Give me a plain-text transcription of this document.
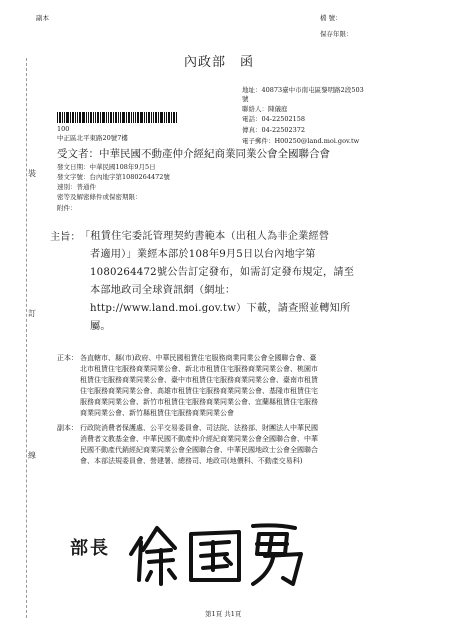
副本	檔 號：
保存年限：
裝
訂
線
內政部　函
地址：40873臺中市南屯區黎明路2段503
號
聯絡人：陳儀庭
電話：04-22502158
傳真：04-22502372
電子郵件：H00250@land.moi.gov.tw
100
中正區北平東路20號7樓
受文者：中華民國不動產仲介經紀商業同業公會全國聯合會
發文日期：中華民國108年9月5日
發文字號：台內地字第1080264472號
速別：普通件
密等及解密條件或保密期限：
附件：
主旨： 「租賃住宅委託管理契約書範本（出租人為非企業經營
者適用）」業經本部於108年9月5日以台內地字第
1080264472號公告訂定發布，如需訂定發布規定，請至
本部地政司全球資訊網（網址：
http://www.land.moi.gov.tw）下載，請查照並轉知所
屬。
正本： 各直轄市、縣(市)政府、中華民國租賃住宅服務商業同業公會全國聯合會、臺
北市租賃住宅服務商業同業公會、新北市租賃住宅服務商業同業公會、桃園市
租賃住宅服務商業同業公會、臺中市租賃住宅服務商業同業公會、臺南市租賃
住宅服務商業同業公會、高雄市租賃住宅服務商業同業公會、基隆市租賃住宅
服務商業同業公會、新竹市租賃住宅服務商業同業公會、宜蘭縣租賃住宅服務
商業同業公會、新竹縣租賃住宅服務商業同業公會
副本： 行政院消費者保護處、公平交易委員會、司法院、法務部、財團法人中華民國
消費者文教基金會、中華民國不動產仲介經紀商業同業公會全國聯合會、中華
民國不動產代銷經紀商業同業公會全國聯合會、中華民國地政士公會全國聯合
會、本部法規委員會、營建署、總務司、地政司(地價科、不動產交易科)
部長
第1頁 共1頁
